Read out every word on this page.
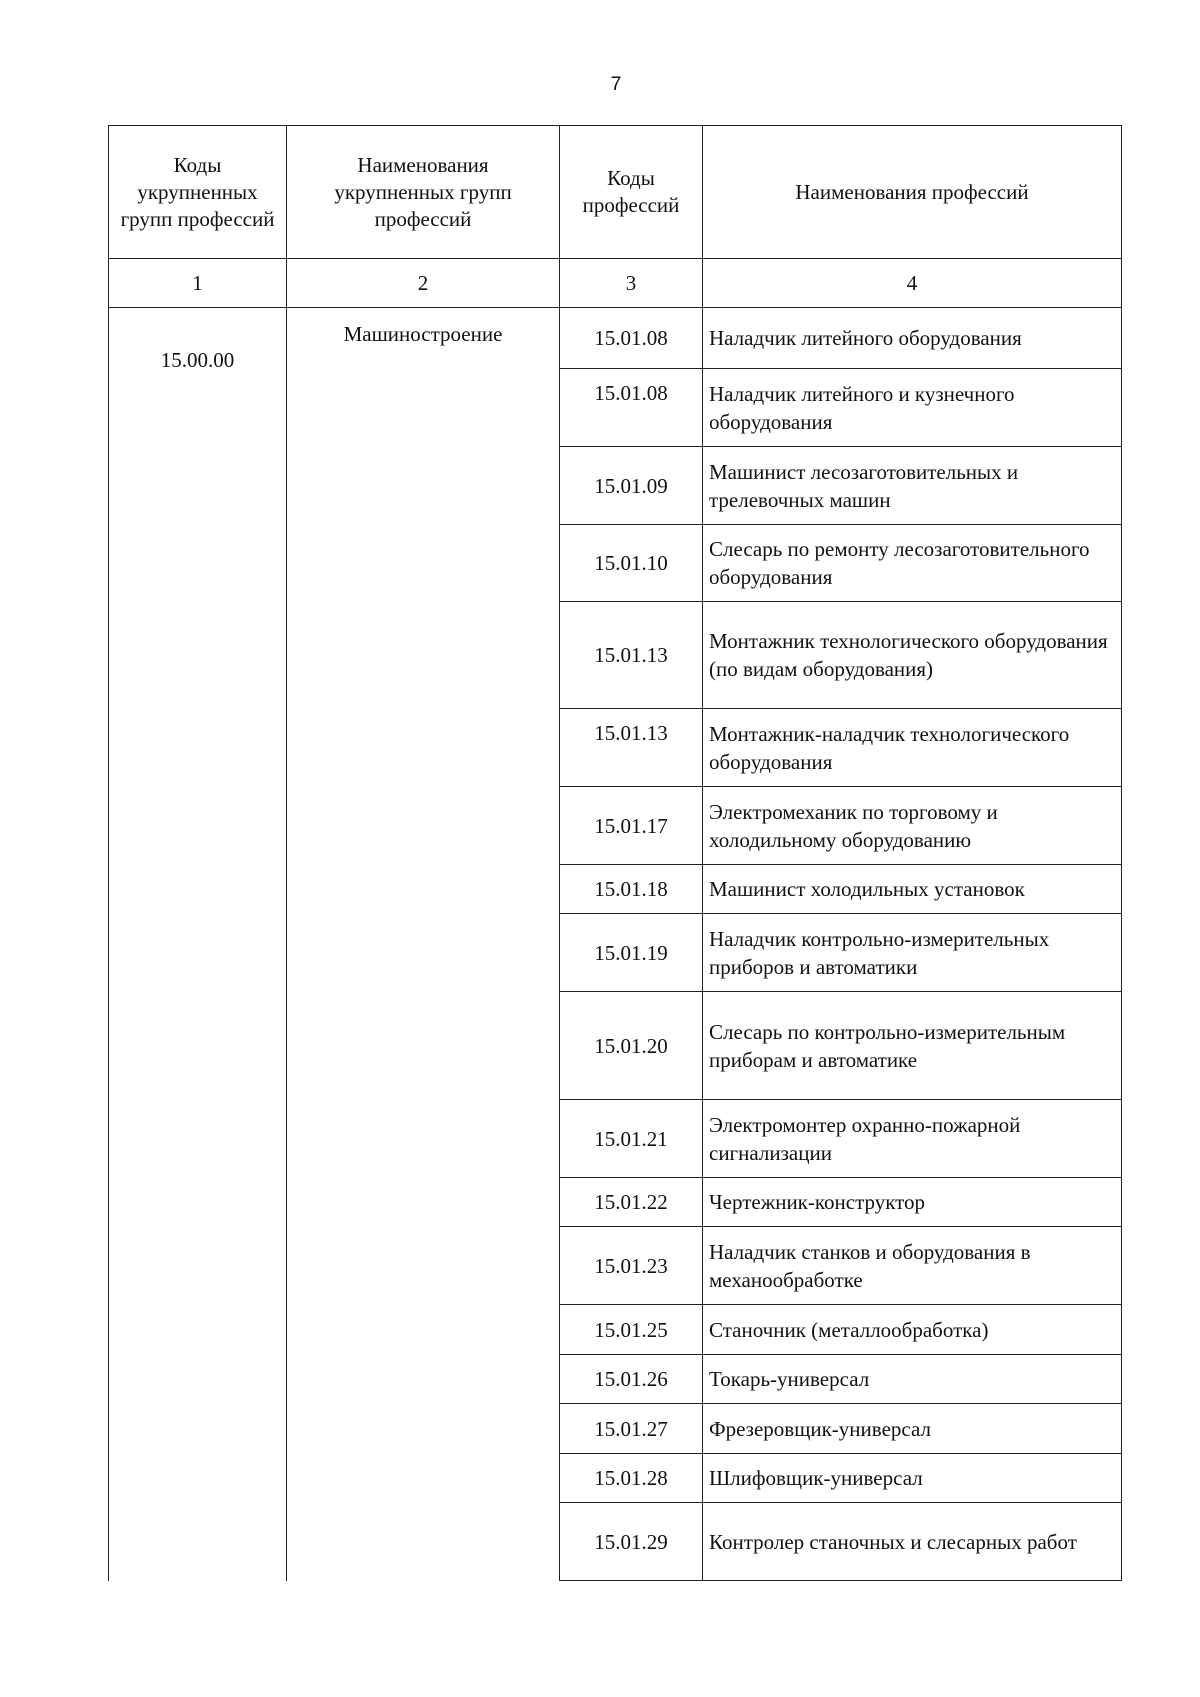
7
Коды укрупненных групп профессий	Наименования укрупненных групп профессий	Коды профессий	Наименования профессий
1	2	3	4
15.00.00	Машиностроение	15.01.08	Наладчик литейного оборудования
		15.01.08	Наладчик литейного и кузнечного оборудования
		15.01.09	Машинист лесозаготовительных и трелевочных машин
		15.01.10	Слесарь по ремонту лесозаготовительного оборудования
		15.01.13	Монтажник технологического оборудования (по видам оборудования)
		15.01.13	Монтажник-наладчик технологического оборудования
		15.01.17	Электромеханик по торговому и холодильному оборудованию
		15.01.18	Машинист холодильных установок
		15.01.19	Наладчик контрольно-измерительных приборов и автоматики
		15.01.20	Слесарь по контрольно-измерительным приборам и автоматике
		15.01.21	Электромонтер охранно-пожарной сигнализации
		15.01.22	Чертежник-конструктор
		15.01.23	Наладчик станков и оборудования в механообработке
		15.01.25	Станочник (металлообработка)
		15.01.26	Токарь-универсал
		15.01.27	Фрезеровщик-универсал
		15.01.28	Шлифовщик-универсал
		15.01.29	Контролер станочных и слесарных работ
